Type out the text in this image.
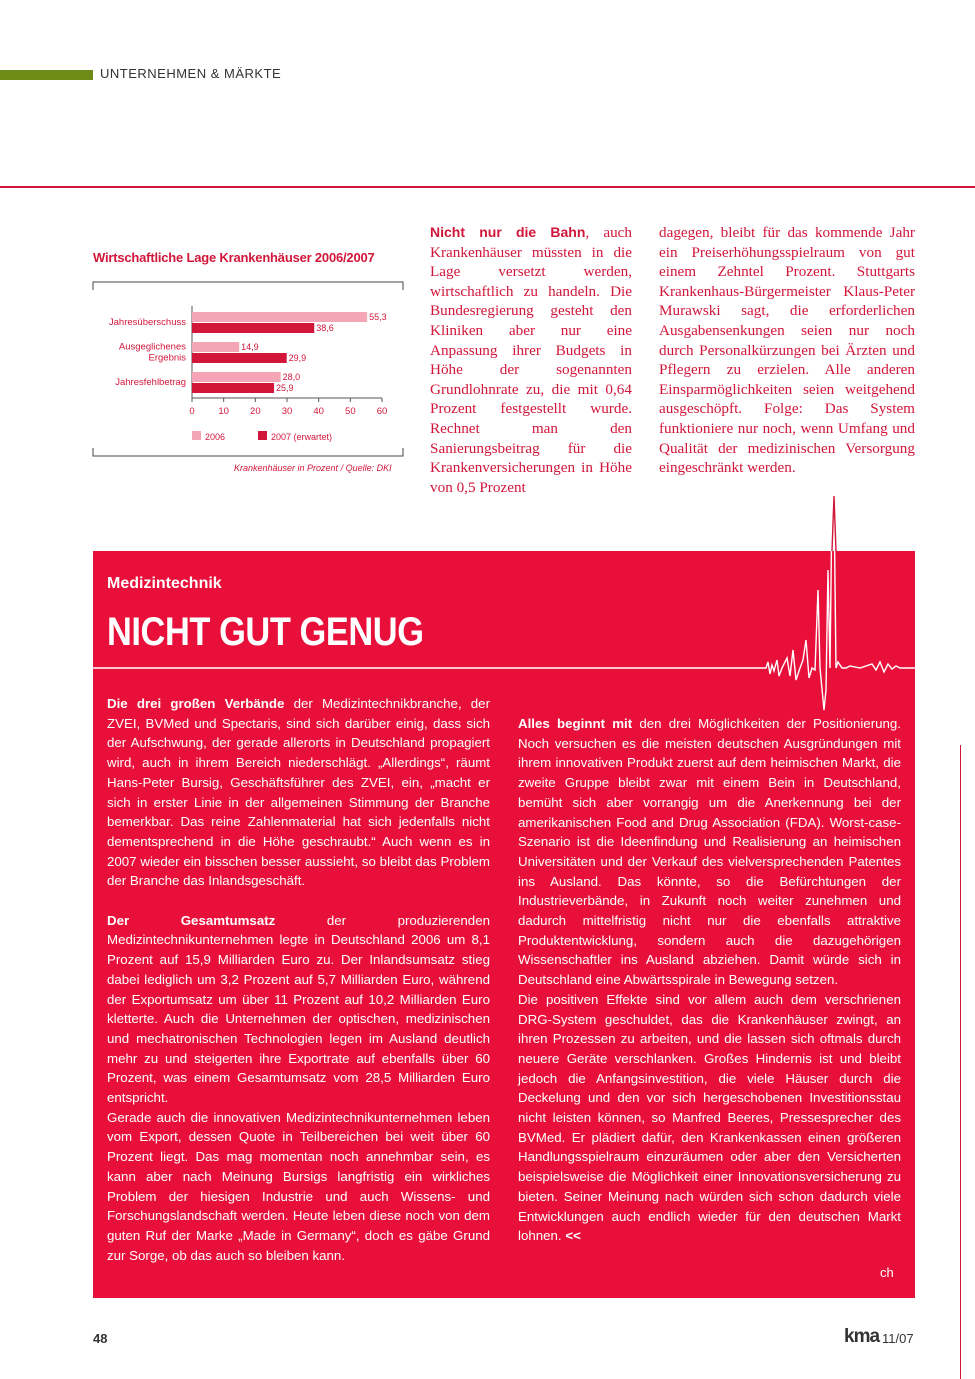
UNTERNEHMEN & MÄRKTE
Wirtschaftliche Lage Krankenhäuser 2006/2007
0 10 20 30 40 50 60
Jahresüberschuss	55,3
38,6
Ausgeglichenes
Ergebnis
14,9
29,9
Jahresfehlbetrag	28,0
25,9
2006	2007 (erwartet)
Krankenhäuser in Prozent / Quelle: DKI
Nicht nur die Bahn, auch Krankenhäuser müssten in die Lage versetzt werden, wirtschaftlich zu handeln. Die Bundesregierung gesteht den Kliniken aber nur eine Anpassung ihrer Budgets in Höhe der sogenannten Grundlohnrate zu, die mit 0,64 Prozent festgestellt wurde. Rechnet man den Sanierungsbeitrag für die Krankenversicherungen in Höhe von 0,5 Prozent
dagegen, bleibt für das kommende Jahr ein Preiserhöhungsspielraum von gut einem Zehntel Prozent. Stuttgarts Krankenhaus-Bürgermeister Klaus-Peter Murawski sagt, die erforderlichen Ausgabensenkungen seien nur noch durch Personalkürzungen bei Ärzten und Pflegern zu erzielen. Alle anderen Einsparmöglichkeiten seien weitgehend ausgeschöpft. Folge: Das System funktioniere nur noch, wenn Umfang und Qualität der medizinischen Versorgung eingeschränkt werden.
Medizintechnik
NICHT GUT GENUG

Die drei großen Verbände der Medizintechnikbranche, der ZVEI, BVMed und Spectaris, sind sich darüber einig, dass sich der Aufschwung, der gerade allerorts in Deutschland propagiert wird, auch in ihrem Bereich niederschlägt. „Allerdings“, räumt Hans-Peter Bursig, Geschäftsführer des ZVEI, ein, „macht er sich in erster Linie in der allgemeinen Stimmung der Branche bemerkbar. Das reine Zahlenmaterial hat sich jedenfalls nicht dementsprechend in die Höhe geschraubt.“ Auch wenn es in 2007 wieder ein bisschen besser aussieht, so bleibt das Problem der Branche das Inlandsgeschäft.

Der Gesamtumsatz der produzierenden Medizintechnikunternehmen legte in Deutschland 2006 um 8,1 Prozent auf 15,9 Milliarden Euro zu. Der Inlandsumsatz stieg dabei lediglich um 3,2 Prozent auf 5,7 Milliarden Euro, während der Exportumsatz um über 11 Prozent auf 10,2 Milliarden Euro kletterte. Auch die Unternehmen der optischen, medizinischen und mechatronischen Technologien legen im Ausland deutlich mehr zu und steigerten ihre Exportrate auf ebenfalls über 60 Prozent, was einem Gesamtumsatz vom 28,5 Milliarden Euro entspricht.

Gerade auch die innovativen Medizintechnikunternehmen leben vom Export, dessen Quote in Teilbereichen bei weit über 60 Prozent liegt. Das mag momentan noch annehmbar sein, es kann aber nach Meinung Bursigs langfristig ein wirkliches Problem der hiesigen Industrie und auch Wissens- und Forschungslandschaft werden. Heute leben diese noch von dem guten Ruf der Marke „Made in Germany“, doch es gäbe Grund zur Sorge, ob das auch so bleiben kann.

Alles beginnt mit den drei Möglichkeiten der Positionierung. Noch versuchen es die meisten deutschen Ausgründungen mit ihrem innovativen Produkt zuerst auf dem heimischen Markt, die zweite Gruppe bleibt zwar mit einem Bein in Deutschland, bemüht sich aber vorrangig um die Anerkennung bei der amerikanischen Food and Drug Association (FDA). Worst-case-Szenario ist die Ideenfindung und Realisierung an heimischen Universitäten und der Verkauf des vielversprechenden Patentes ins Ausland. Das könnte, so die Befürchtungen der Industrieverbände, in Zukunft noch weiter zunehmen und dadurch mittelfristig nicht nur die ebenfalls attraktive Produktentwicklung, sondern auch die dazugehörigen Wissenschaftler ins Ausland abziehen. Damit würde sich in Deutschland eine Abwärtsspirale in Bewegung setzen.

Die positiven Effekte sind vor allem auch dem verschrienen DRG-System geschuldet, das die Krankenhäuser zwingt, an ihren Prozessen zu arbeiten, und die lassen sich oftmals durch neuere Geräte verschlanken. Großes Hindernis ist und bleibt jedoch die Anfangsinvestition, die viele Häuser durch die Deckelung und den vor sich hergeschobenen Investitionsstau nicht leisten können, so Manfred Beeres, Pressesprecher des BVMed. Er plädiert dafür, den Krankenkassen einen größeren Handlungsspielraum einzuräumen oder aber den Versicherten beispielsweise die Möglichkeit einer Innovationsversicherung zu bieten. Seiner Meinung nach würden sich schon dadurch viele Entwicklungen auch endlich wieder für den deutschen Markt lohnen. <<

ch
48	kma 11/07
